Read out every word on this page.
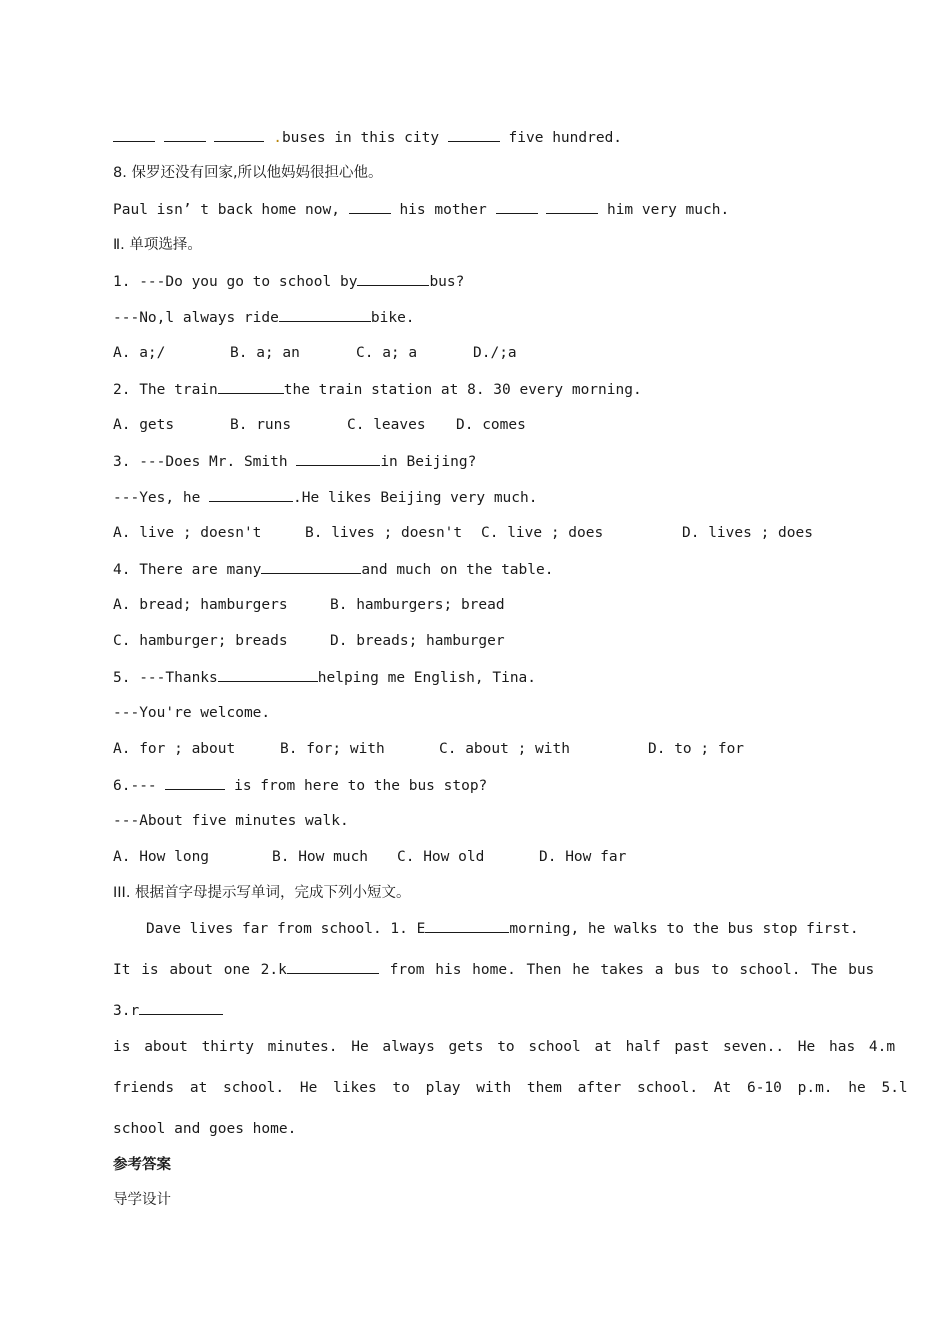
.buses in this city	five hundred.
8. 保罗还没有回家,所以他妈妈很担心他。
Paul isn’ t back home now,	his mother	him very much.
Ⅱ. 单项选择。
1. ---Do you go to school by	bus?
---No,l always ride	bike.
A. a;/	B. a; an	C. a; a	D./;a
2. The train	the train station at 8. 30 every morning.
A. gets	B. runs	C. leaves D. comes
3. ---Does Mr. Smith	in Beijing?
---Yes, he	.He likes Beijing very much.
A. live ; doesn't	B. lives ; doesn't C. live ; does	D. lives ; does
4. There are many	and much on the table.
A. bread; hamburgers	B. hamburgers; bread
C. hamburger; breads	D. breads; hamburger
5. ---Thanks	helping me English, Tina.
---You're welcome.
A. for ; about	B. for; with	C. about ; with	D. to ; for
6.---	is from here to the bus stop?
---About five minutes walk.
A. How long	B. How much C. How old	D. How far
III. 根据首字母提示写单词，完成下列小短文。
Dave lives far from school. 1. E	morning, he walks to the bus stop first.
It is about one 2.k	from his home. Then he takes a bus to school. The bus
3.r
is about thirty minutes. He always gets to school at half past seven.. He has 4.m
friends at school. He likes to play with them after school. At 6-10 p.m. he 5.l
school and goes home.
参考答案
导学设计
